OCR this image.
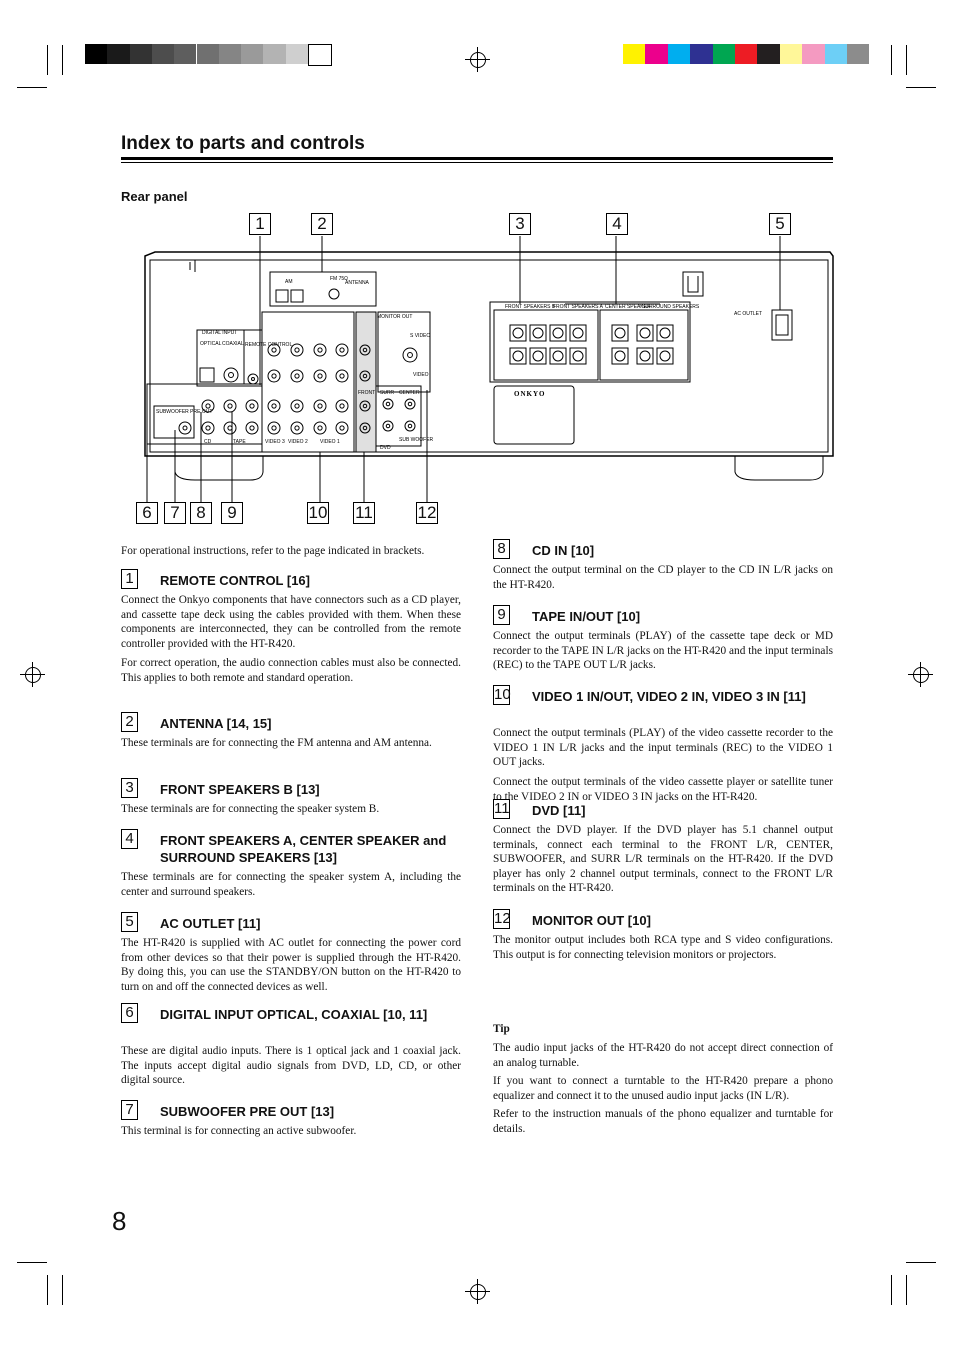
Index to parts and controls
Rear panel
AM	FM 75Ω
ANTENNA
DIGITAL INPUT
OPTICAL COAXIAL REMOTE CONTROL
SUBWOOFER PRE OUT
CD	TAPE	VIDEO 3 VIDEO 2 VIDEO 1
DVD
MONITOR OUT
S VIDEO
VIDEO
FRONT SURR CENTER
SUB WOOFER
FRONT SPEAKERS B
FRONT SPEAKERS A CENTER SPEAKER
SURROUND SPEAKERS
AC OUTLET
ONKYO
1	2	3	4	5
6	7 8	9	10 11	12
For operational instructions, refer to the page indicated in brackets.
1	REMOTE CONTROL [16]
Connect the Onkyo components that have connectors such as a CD player, and cassette tape deck using the cables provided with them. When these components are interconnected, they can be controlled from the remote controller provided with the HT-R420.
For correct operation, the audio connection cables must also be connected. This applies to both remote and standard operation.
2	ANTENNA [14, 15]
These terminals are for connecting the FM antenna and AM antenna.
3	FRONT SPEAKERS B [13]
These terminals are for connecting the speaker system B.
4	FRONT SPEAKERS A, CENTER SPEAKER and SURROUND SPEAKERS [13]
These terminals are for connecting the speaker system A, including the center and surround speakers.
5	AC OUTLET [11]
The HT-R420 is supplied with AC outlet for connecting the power cord from other devices so that their power is supplied through the HT-R420. By doing this, you can use the STANDBY/ON button on the HT-R420 to turn on and off the connected devices as well.
6	DIGITAL INPUT OPTICAL, COAXIAL [10, 11]
These are digital audio inputs. There is 1 optical jack and 1 coaxial jack. The inputs accept digital audio signals from DVD, LD, CD, or other digital source.
7	SUBWOOFER PRE OUT [13]
This terminal is for connecting an active subwoofer.
8	CD IN [10]
Connect the output terminal on the CD player to the CD IN L/R jacks on the HT-R420.
9	TAPE IN/OUT [10]
Connect the output terminals (PLAY) of the cassette tape deck or MD recorder to the TAPE IN L/R jacks on the HT-R420 and the input terminals (REC) to the TAPE OUT L/R jacks.
10 VIDEO 1 IN/OUT, VIDEO 2 IN, VIDEO 3 IN [11]
Connect the output terminals (PLAY) of the video cassette recorder to the VIDEO 1 IN L/R jacks and the input terminals (REC) to the VIDEO 1 OUT jacks.
Connect the output terminals of the video cassette player or satellite tuner to the VIDEO 2 IN or VIDEO 3 IN jacks on the HT-R420.
11 DVD [11]
Connect the DVD player. If the DVD player has 5.1 channel output terminals, connect each terminal to the FRONT L/R, CENTER, SUBWOOFER, and SURR L/R terminals on the HT-R420. If the DVD player has only 2 channel output terminals, connect to the FRONT L/R terminals on the HT-R420.
12 MONITOR OUT [10]
The monitor output includes both RCA type and S video configurations. This output is for connecting television monitors or projectors.
Tip
The audio input jacks of the HT-R420 do not accept direct connection of an analog turnable.
If you want to connect a turntable to the HT-R420 prepare a phono equalizer and connect it to the unused audio input jacks (IN L/R).
Refer to the instruction manuals of the phono equalizer and turntable for details.
8
